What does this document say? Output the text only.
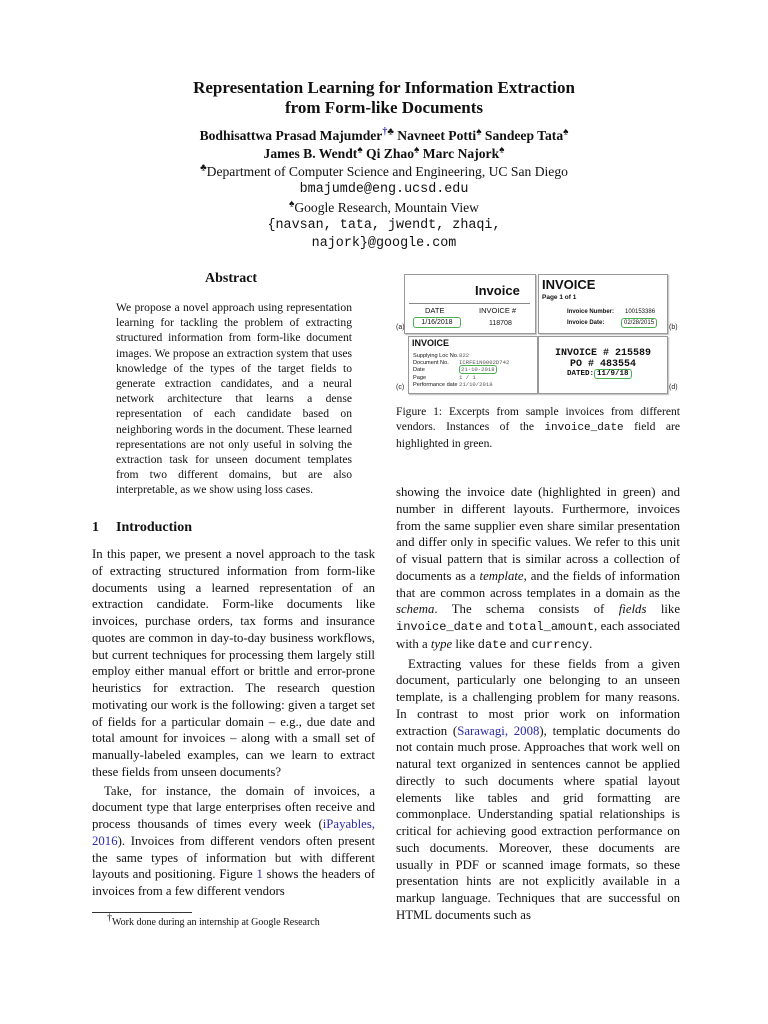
Representation Learning for Information Extraction
from Form-like Documents
Bodhisattwa Prasad Majumder†♣ Navneet Potti♠ Sandeep Tata♠
James B. Wendt♠ Qi Zhao♠ Marc Najork♠
♣Department of Computer Science and Engineering, UC San Diego
bmajumde@eng.ucsd.edu
♠Google Research, Mountain View
{navsan, tata, jwendt, zhaqi,
najork}@google.com
Abstract
We propose a novel approach using representation learning for tackling the problem of extracting structured information from form-like document images. We propose an extraction system that uses knowledge of the types of the target fields to generate extraction candidates, and a neural network architecture that learns a dense representation of each candidate based on neighboring words in the document. These learned representations are not only useful in solving the extraction task for unseen document templates from two different domains, but are also interpretable, as we show using loss cases.
1 Introduction

In this paper, we present a novel approach to the task of extracting structured information from form-like documents using a learned representation of an extraction candidate. Form-like documents like invoices, purchase orders, tax forms and insurance quotes are common in day-to-day business workflows, but current techniques for processing them largely still employ either manual effort or brittle and error-prone heuristics for extraction. The research question motivating our work is the following: given a target set of fields for a particular domain – e.g., due date and total amount for invoices – along with a small set of manually-labeled examples, can we learn to extract these fields from unseen documents?

Take, for instance, the domain of invoices, a document type that large enterprises often receive and process thousands of times every week (iPayables, 2016). Invoices from different vendors often present the same types of information but with different layouts and positioning. Figure 1 shows the headers of invoices from a few different vendors

†Work done during an internship at Google Research
Invoice
DATE	INVOICE #
1/16/2018	118708
(a)
INVOICE
Page 1 of 1
Invoice Number: 100153386
Invoice Date:	02/28/2015
(b)
INVOICE
Supplying Loc No.822
Document No. ICRFE1N0002D742
Date	21-10-2018
Page	1 / 1
Performance date 21/10/2018
(c)
INVOICE # 215589
PO # 483554
DATED: 11/9/18
(d)
Figure 1: Excerpts from sample invoices from different vendors. Instances of the invoice_date field are highlighted in green.

showing the invoice date (highlighted in green) and number in different layouts. Furthermore, invoices from the same supplier even share similar presentation and differ only in specific values. We refer to this unit of visual pattern that is similar across a collection of documents as a template, and the fields of information that are common across templates in a domain as the schema. The schema consists of fields like invoice_date and total_amount, each associated with a type like date and currency.

Extracting values for these fields from a given document, particularly one belonging to an unseen template, is a challenging problem for many reasons. In contrast to most prior work on information extraction (Sarawagi, 2008), templatic documents do not contain much prose. Approaches that work well on natural text organized in sentences cannot be applied directly to such documents where spatial layout elements like tables and grid formatting are commonplace. Understanding spatial relationships is critical for achieving good extraction performance on such documents. Moreover, these documents are usually in PDF or scanned image formats, so these presentation hints are not explicitly available in a markup language. Techniques that are successful on HTML documents such as
